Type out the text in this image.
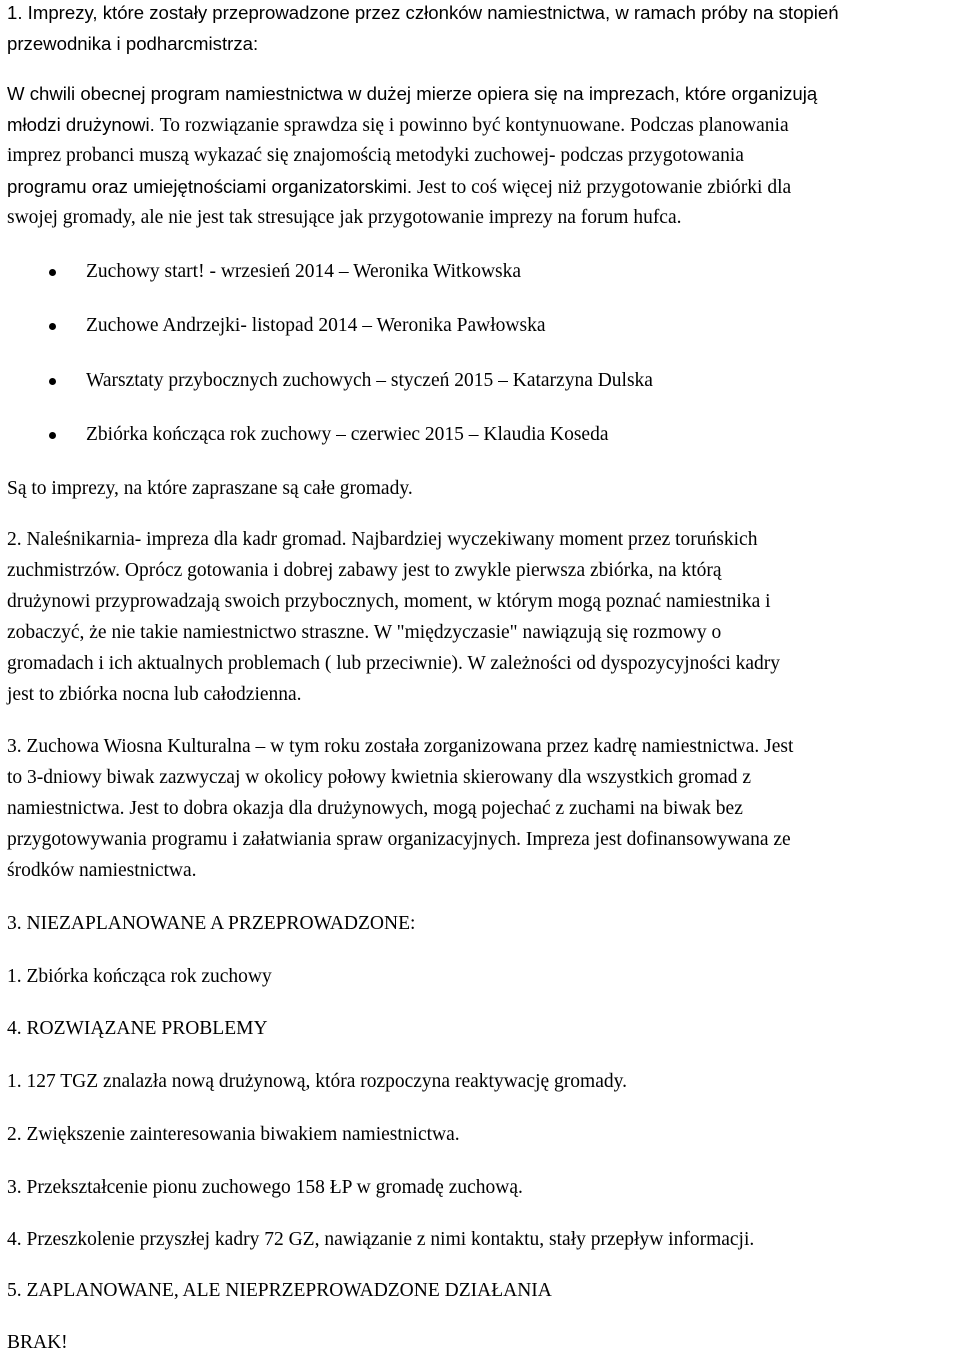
1. Imprezy, które zostały przeprowadzone przez członków namiestnictwa, w ramach próby na stopień
przewodnika i podharcmistrza:
W chwili obecnej program namiestnictwa w dużej mierze opiera się na imprezach, które organizują
młodzi drużynowi. To rozwiązanie sprawdza się i powinno być kontynuowane. Podczas planowania
imprez probanci muszą wykazać się znajomością metodyki zuchowej- podczas przygotowania
programu oraz umiejętnościami organizatorskimi. Jest to coś więcej niż przygotowanie zbiórki dla
swojej gromady, ale nie jest tak stresujące jak przygotowanie imprezy na forum hufca.
Zuchowy start! - wrzesień 2014 – Weronika Witkowska
Zuchowe Andrzejki- listopad 2014 – Weronika Pawłowska
Warsztaty przybocznych zuchowych – styczeń 2015 – Katarzyna Dulska
Zbiórka kończąca rok zuchowy – czerwiec 2015 – Klaudia Koseda
Są to imprezy, na które zapraszane są całe gromady.
2. Naleśnikarnia- impreza dla kadr gromad. Najbardziej wyczekiwany moment przez toruńskich
zuchmistrzów. Oprócz gotowania i dobrej zabawy jest to zwykle pierwsza zbiórka, na którą
drużynowi przyprowadzają swoich przybocznych, moment, w którym mogą poznać namiestnika i
zobaczyć, że nie takie namiestnictwo straszne. W "międzyczasie" nawiązują się rozmowy o
gromadach i ich aktualnych problemach ( lub przeciwnie). W zależności od dyspozycyjności kadry
jest to zbiórka nocna lub całodzienna.
3. Zuchowa Wiosna Kulturalna – w tym roku została zorganizowana przez kadrę namiestnictwa. Jest
to 3-dniowy biwak zazwyczaj w okolicy połowy kwietnia skierowany dla wszystkich gromad z
namiestnictwa. Jest to dobra okazja dla drużynowych, mogą pojechać z zuchami na biwak bez
przygotowywania programu i załatwiania spraw organizacyjnych. Impreza jest dofinansowywana ze
środków namiestnictwa.
3. NIEZAPLANOWANE A PRZEPROWADZONE:
1. Zbiórka kończąca rok zuchowy
4. ROZWIĄZANE PROBLEMY
1. 127 TGZ znalazła nową drużynową, która rozpoczyna reaktywację gromady.
2. Zwiększenie zainteresowania biwakiem namiestnictwa.
3. Przekształcenie pionu zuchowego 158 ŁP w gromadę zuchową.
4. Przeszkolenie przyszłej kadry 72 GZ, nawiązanie z nimi kontaktu, stały przepływ informacji.
5. ZAPLANOWANE, ALE NIEPRZEPROWADZONE DZIAŁANIA
BRAK!
